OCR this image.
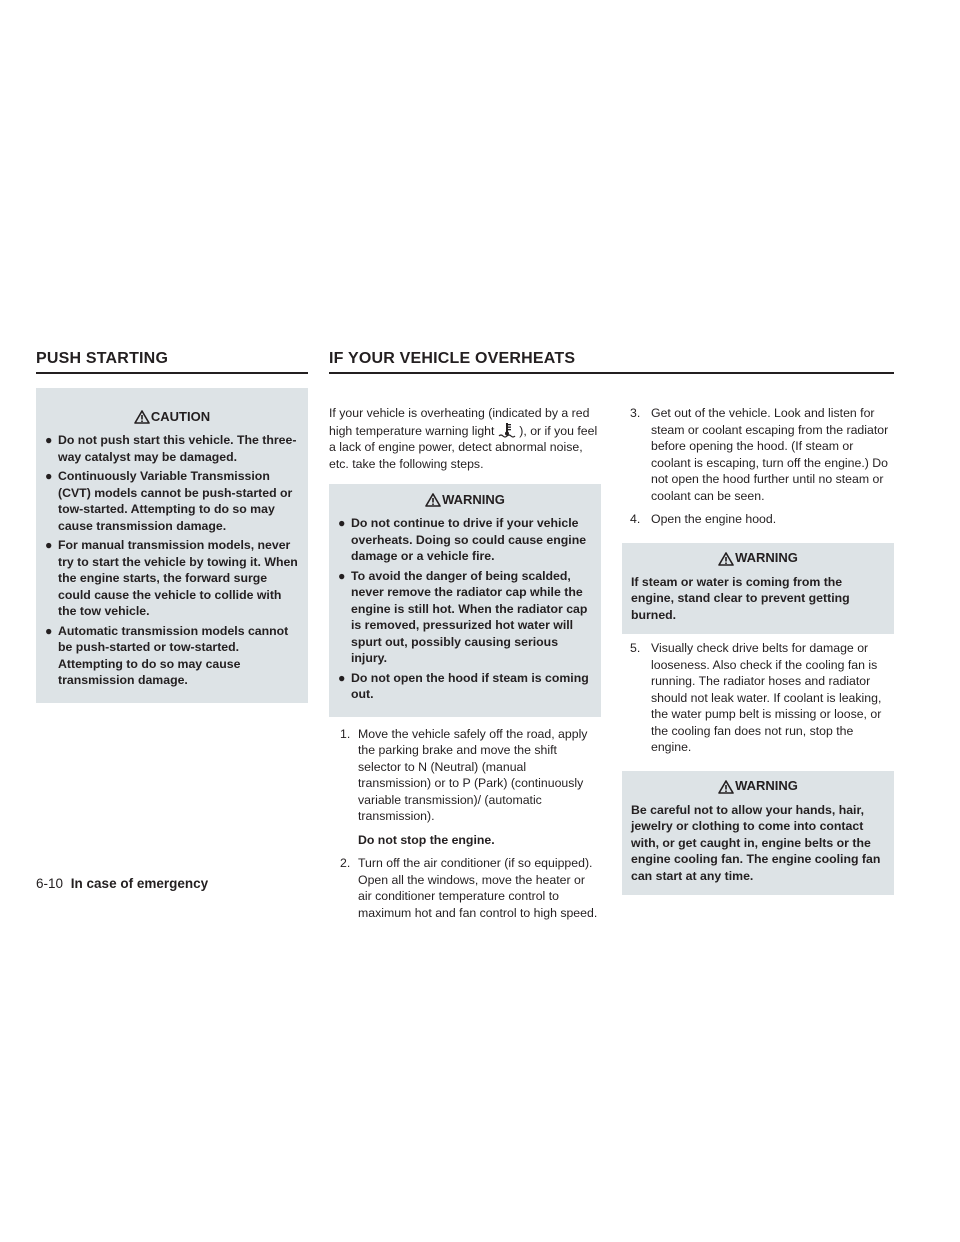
PUSH STARTING	IF YOUR VEHICLE OVERHEATS
CAUTION
● Do not push start this vehicle. The three-way catalyst may be damaged.
● Continuously Variable Transmission (CVT) models cannot be push-started or tow-started. Attempting to do so may cause transmission damage.
● For manual transmission models, never try to start the vehicle by towing it. When the engine starts, the forward surge could cause the vehicle to collide with the tow vehicle.
● Automatic transmission models cannot be push-started or tow-started. Attempting to do so may cause transmission damage.

If your vehicle is overheating (indicated by a red high temperature warning light ), or if you feel a lack of engine power, detect abnormal noise, etc. take the following steps.

WARNING
● Do not continue to drive if your vehicle overheats. Doing so could cause engine damage or a vehicle fire.
● To avoid the danger of being scalded, never remove the radiator cap while the engine is still hot. When the radiator cap is removed, pressurized hot water will spurt out, possibly causing serious injury.
● Do not open the hood if steam is coming out.
1. Move the vehicle safely off the road, apply the parking brake and move the shift selector to N (Neutral) (manual transmission) or to P (Park) (continuously variable transmission)/ (automatic transmission).
Do not stop the engine.
2. Turn off the air conditioner (if so equipped). Open all the windows, move the heater or air conditioner temperature control to maximum hot and fan control to high speed.
3. Get out of the vehicle. Look and listen for steam or coolant escaping from the radiator before opening the hood. (If steam or coolant is escaping, turn off the engine.) Do not open the hood further until no steam or coolant can be seen.
4. Open the engine hood.
WARNING
If steam or water is coming from the engine, stand clear to prevent getting burned.
5. Visually check drive belts for damage or looseness. Also check if the cooling fan is running. The radiator hoses and radiator should not leak water. If coolant is leaking, the water pump belt is missing or loose, or the cooling fan does not run, stop the engine.
WARNING
Be careful not to allow your hands, hair, jewelry or clothing to come into contact with, or get caught in, engine belts or the engine cooling fan. The engine cooling fan can start at any time.
6-10 In case of emergency
